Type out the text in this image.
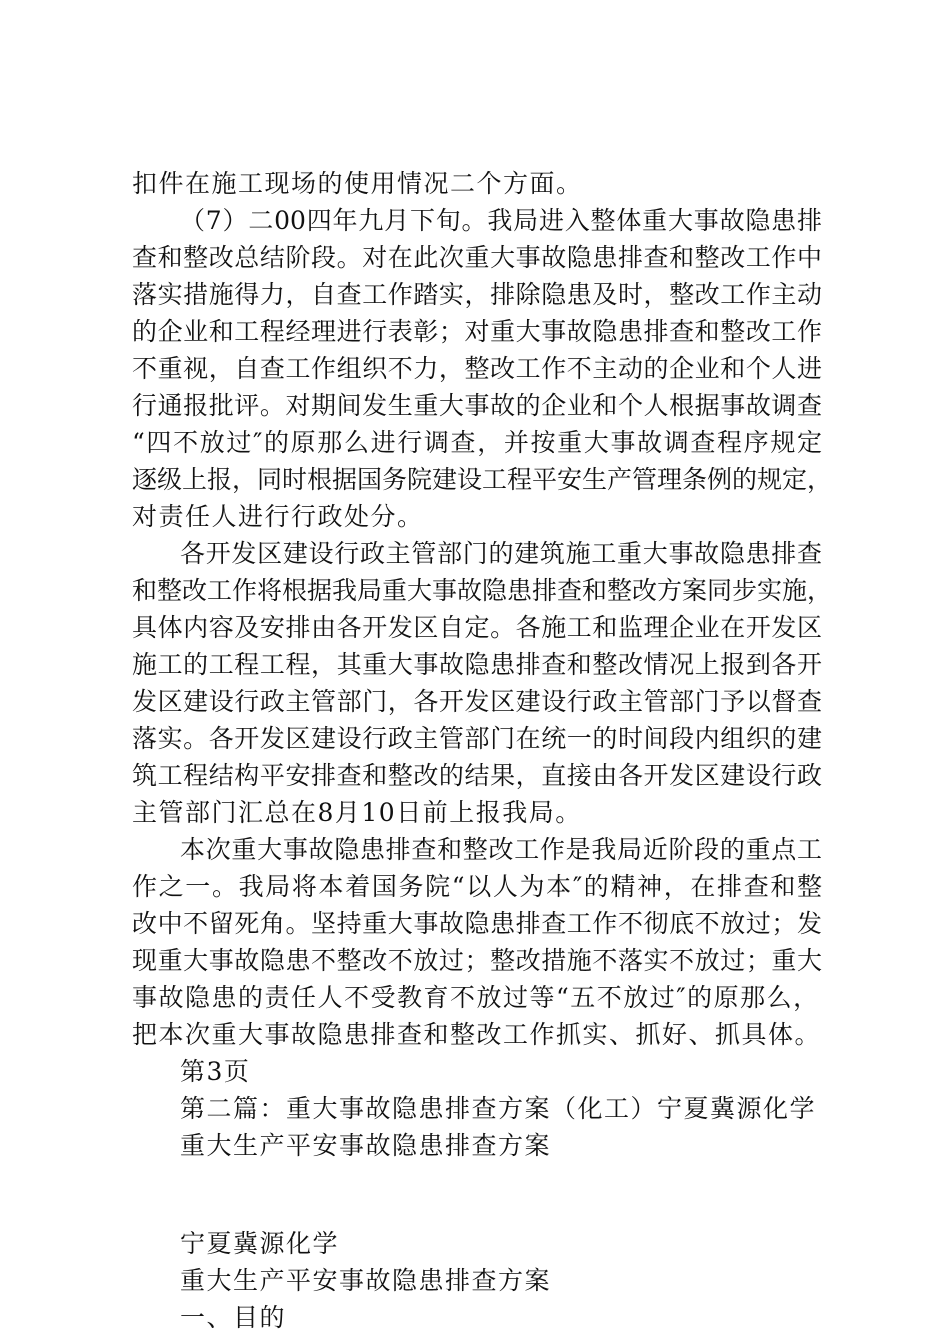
扣件在施工现场的使用情况二个方面。
（7）二00四年九月下旬。我局进入整体重大事故隐患排
查和整改总结阶段。对在此次重大事故隐患排查和整改工作中
落实措施得力，自查工作踏实，排除隐患及时，整改工作主动
的企业和工程经理进行表彰；对重大事故隐患排查和整改工作
不重视，自查工作组织不力，整改工作不主动的企业和个人进
行通报批评。对期间发生重大事故的企业和个人根据事故调查
“四不放过″的原那么进行调查，并按重大事故调查程序规定
逐级上报，同时根据国务院建设工程平安生产管理条例的规定，
对责任人进行行政处分。
各开发区建设行政主管部门的建筑施工重大事故隐患排查
和整改工作将根据我局重大事故隐患排查和整改方案同步实施，
具体内容及安排由各开发区自定。各施工和监理企业在开发区
施工的工程工程，其重大事故隐患排查和整改情况上报到各开
发区建设行政主管部门，各开发区建设行政主管部门予以督查
落实。各开发区建设行政主管部门在统一的时间段内组织的建
筑工程结构平安排查和整改的结果，直接由各开发区建设行政
主管部门汇总在8月10日前上报我局。
本次重大事故隐患排查和整改工作是我局近阶段的重点工
作之一。我局将本着国务院“以人为本″的精神，在排查和整
改中不留死角。坚持重大事故隐患排查工作不彻底不放过；发
现重大事故隐患不整改不放过；整改措施不落实不放过；重大
事故隐患的责任人不受教育不放过等“五不放过″的原那么，
把本次重大事故隐患排查和整改工作抓实、抓好、抓具体。
第3页
第二篇：重大事故隐患排查方案（化工）宁夏冀源化学
重大生产平安事故隐患排查方案
宁夏冀源化学
重大生产平安事故隐患排查方案
一、目的
